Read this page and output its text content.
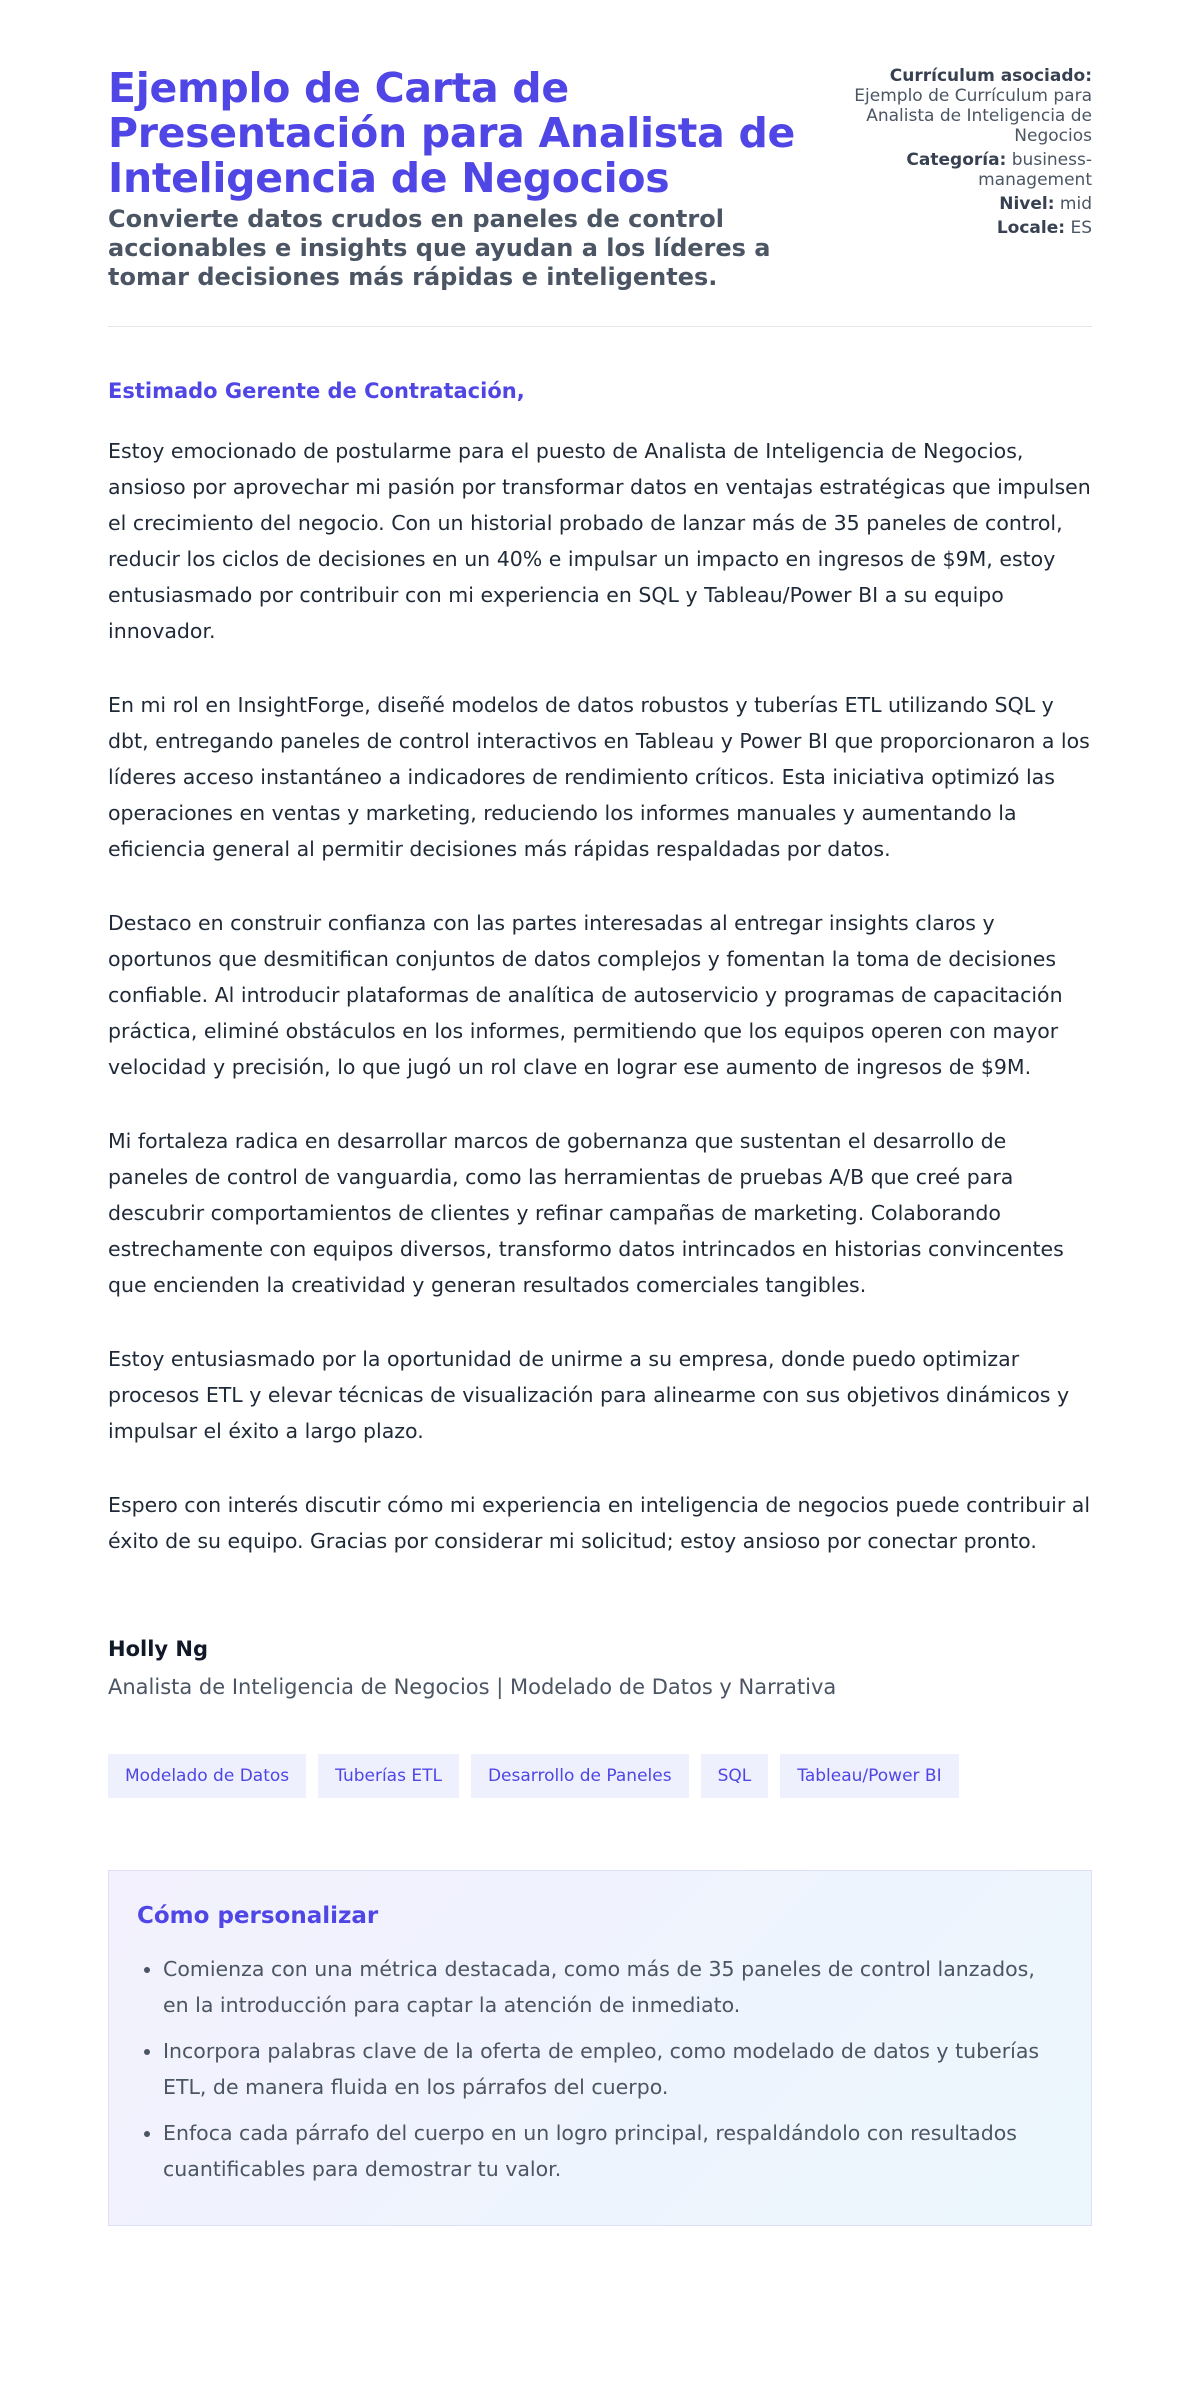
Ejemplo de Carta de Presentación para Analista de Inteligencia de Negocios

Convierte datos crudos en paneles de control accionables e insights que ayudan a los líderes a tomar decisiones más rápidas e inteligentes.

Currículum asociado:
Ejemplo de Currículum para Analista de Inteligencia de Negocios
Categoría: business-management
Nivel: mid
Locale: ES
Estimado Gerente de Contratación,

Estoy emocionado de postularme para el puesto de Analista de Inteligencia de Negocios, ansioso por aprovechar mi pasión por transformar datos en ventajas estratégicas que impulsen el crecimiento del negocio. Con un historial probado de lanzar más de 35 paneles de control, reducir los ciclos de decisiones en un 40% e impulsar un impacto en ingresos de $9M, estoy entusiasmado por contribuir con mi experiencia en SQL y Tableau/Power BI a su equipo innovador.

En mi rol en InsightForge, diseñé modelos de datos robustos y tuberías ETL utilizando SQL y dbt, entregando paneles de control interactivos en Tableau y Power BI que proporcionaron a los líderes acceso instantáneo a indicadores de rendimiento críticos. Esta iniciativa optimizó las operaciones en ventas y marketing, reduciendo los informes manuales y aumentando la eficiencia general al permitir decisiones más rápidas respaldadas por datos.

Destaco en construir confianza con las partes interesadas al entregar insights claros y oportunos que desmitifican conjuntos de datos complejos y fomentan la toma de decisiones confiable. Al introducir plataformas de analítica de autoservicio y programas de capacitación práctica, eliminé obstáculos en los informes, permitiendo que los equipos operen con mayor velocidad y precisión, lo que jugó un rol clave en lograr ese aumento de ingresos de $9M.

Mi fortaleza radica en desarrollar marcos de gobernanza que sustentan el desarrollo de paneles de control de vanguardia, como las herramientas de pruebas A/B que creé para descubrir comportamientos de clientes y refinar campañas de marketing. Colaborando estrechamente con equipos diversos, transformo datos intrincados en historias convincentes que encienden la creatividad y generan resultados comerciales tangibles.

Estoy entusiasmado por la oportunidad de unirme a su empresa, donde puedo optimizar procesos ETL y elevar técnicas de visualización para alinearme con sus objetivos dinámicos y impulsar el éxito a largo plazo.

Espero con interés discutir cómo mi experiencia en inteligencia de negocios puede contribuir al éxito de su equipo. Gracias por considerar mi solicitud; estoy ansioso por conectar pronto.

Holly Ng
Analista de Inteligencia de Negocios | Modelado de Datos y Narrativa
Modelado de Datos	Tuberías ETL	Desarrollo de Paneles	SQL	Tableau/Power BI
Cómo personalizar
• Comienza con una métrica destacada, como más de 35 paneles de control lanzados, en la introducción para captar la atención de inmediato.
• Incorpora palabras clave de la oferta de empleo, como modelado de datos y tuberías ETL, de manera fluida en los párrafos del cuerpo.
• Enfoca cada párrafo del cuerpo en un logro principal, respaldándolo con resultados cuantificables para demostrar tu valor.
